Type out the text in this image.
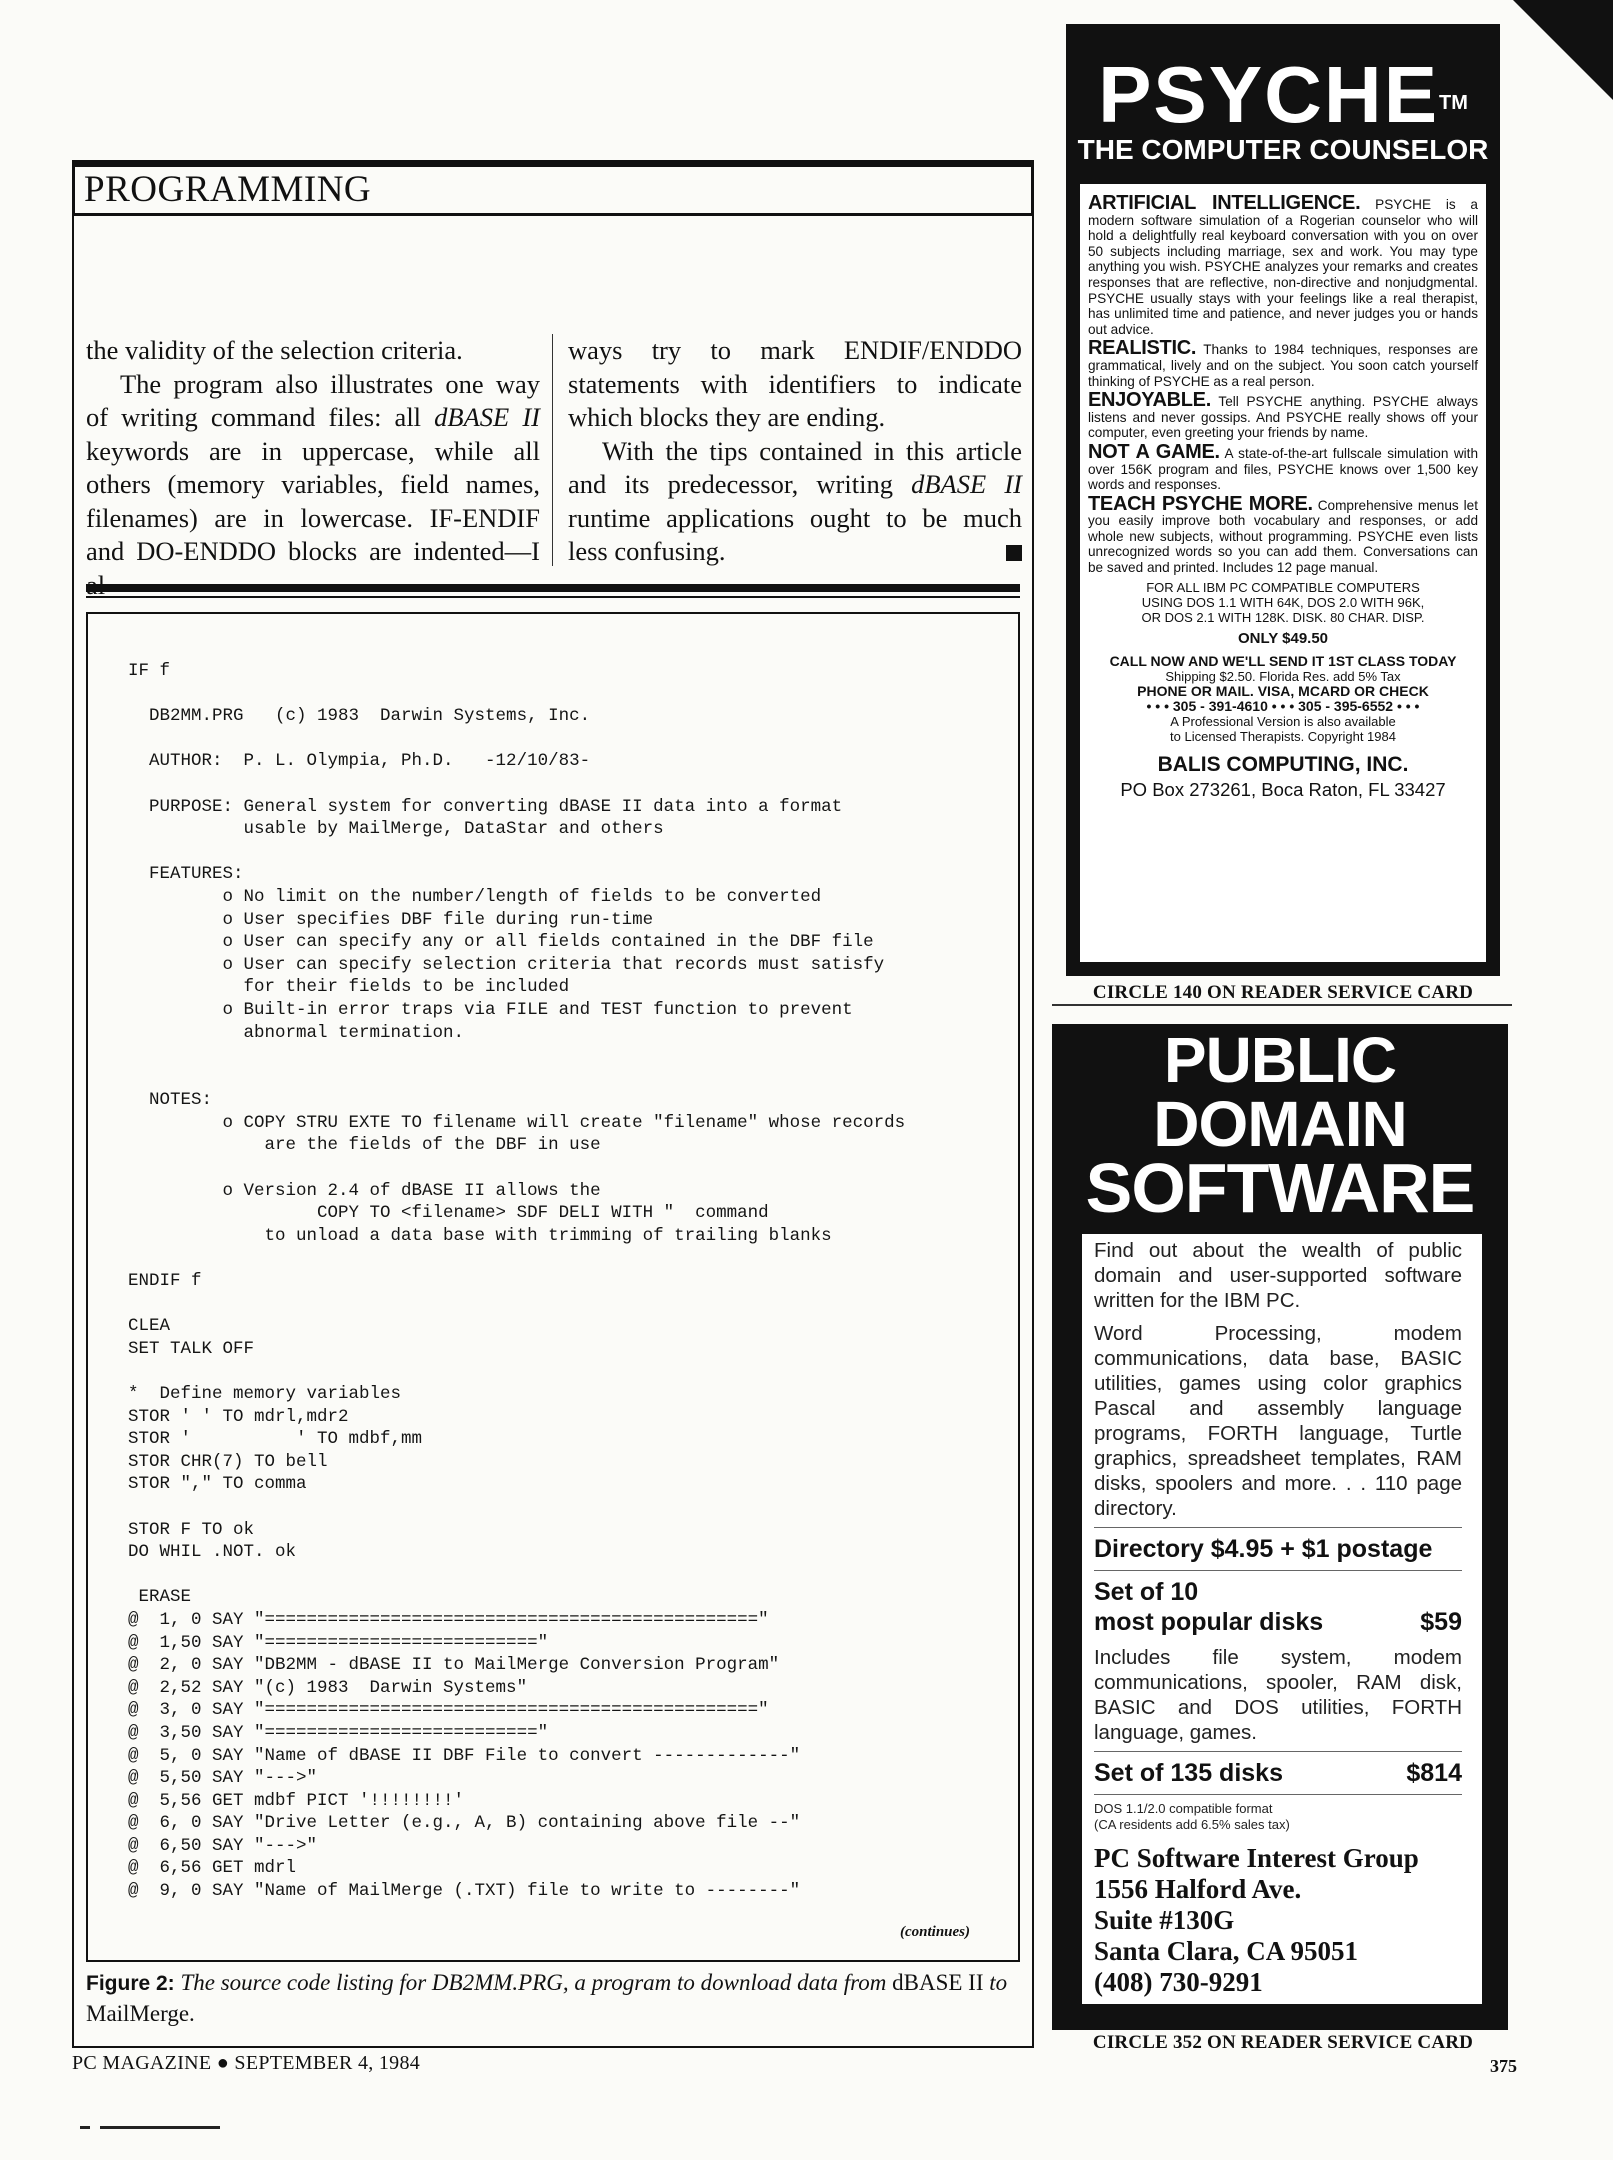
PROGRAMMING

the validity of the selection criteria.

The program also illustrates one way of writing command files: all dBASE II keywords are in uppercase, while all others (memory variables, field names, filenames) are in lowercase. IF-ENDIF and DO-ENDDO blocks are indented—I

ways try to mark ENDIF/ENDDO statements with identifiers to indicate which blocks they are ending.

With the tips contained in this article and its predecessor, writing dBASE II runtime applications ought to be much less confusing.

IF f

DB2MM.PRG   (c) 1983  Darwin Systems, Inc.

AUTHOR:  P. L. Olympia, Ph.D.   -12/10/83-

PURPOSE: General system for converting dBASE II data into a format
usable by MailMerge, DataStar and others

FEATURES:
o No limit on the number/length of fields to be converted
o User specifies DBF file during run-time
o User can specify any or all fields contained in the DBF file
o User can specify selection criteria that records must satisfy
for their fields to be included
o Built-in error traps via FILE and TEST function to prevent
abnormal termination.

NOTES:
o COPY STRU EXTE TO filename will create "filename" whose records
are the fields of the DBF in use

o Version 2.4 of dBASE II allows the
COPY TO <filename> SDF DELI WITH "  command
to unload a data base with trimming of trailing blanks

ENDIF f

CLEA
SET TALK OFF

*  Define memory variables
STOR ' ' TO mdrl,mdr2
STOR '          ' TO mdbf,mm
STOR CHR(7) TO bell
STOR "," TO comma

STOR F TO ok
DO WHIL .NOT. ok

ERASE
@  1, 0 SAY "==============================================="
@  1,50 SAY "=========================="
@  2, 0 SAY "DB2MM - dBASE II to MailMerge Conversion Program"
@  2,52 SAY "(c) 1983  Darwin Systems"
@  3, 0 SAY "==============================================="
@  3,50 SAY "=========================="
@  5, 0 SAY "Name of dBASE II DBF File to convert -------------"
@  5,50 SAY "--->"
@  5,56 GET mdbf PICT '!!!!!!!!'
@  6, 0 SAY "Drive Letter (e.g., A, B) containing above file --"
@  6,50 SAY "--->"
@  6,56 GET mdrl
@  9, 0 SAY "Name of MailMerge (.TXT) file to write to --------"
(continues)
Figure 2: The source code listing for DB2MM.PRG, a program to download data from dBASE II to MailMerge.
PC MAGAZINE ● SEPTEMBER 4, 1984	375
PSYCHE™
THE COMPUTER COUNSELOR

ARTIFICIAL INTELLIGENCE. PSYCHE is a modern software simulation of a Rogerian counselor who will hold a delightfully real keyboard conversation with you on over 50 subjects including marriage, sex and work. You may type anything you wish. PSYCHE analyzes your remarks and creates responses that are reflective, non-directive and nonjudgmental. PSYCHE usually stays with your feelings like a real therapist, has unlimited time and patience, and never judges you or hands out advice.

REALISTIC. Thanks to 1984 techniques, responses are grammatical, lively and on the subject. You soon catch yourself thinking of PSYCHE as a real person.

ENJOYABLE. Tell PSYCHE anything. PSYCHE always listens and never gossips. And PSYCHE really shows off your computer, even greeting your friends by name.

NOT A GAME. A state-of-the-art fullscale simulation with over 156K program and files, PSYCHE knows over 1,500 key words and responses.

TEACH PSYCHE MORE. Comprehensive menus let you easily improve both vocabulary and responses, or add whole new subjects, without programming. PSYCHE even lists unrecognized words so you can add them. Conversations can be saved and printed. Includes 12 page manual.

FOR ALL IBM PC COMPATIBLE COMPUTERS
USING DOS 1.1 WITH 64K, DOS 2.0 WITH 96K,
OR DOS 2.1 WITH 128K. DISK. 80 CHAR. DISP.
ONLY $49.50
CALL NOW AND WE'LL SEND IT 1ST CLASS TODAY
Shipping $2.50. Florida Res. add 5% Tax
PHONE OR MAIL. VISA, MCARD OR CHECK
• • • 305 - 391-4610 • • • 305 - 395-6552 • • •
A Professional Version is also available
to Licensed Therapists. Copyright 1984
BALIS COMPUTING, INC.
PO Box 273261, Boca Raton, FL 33427
CIRCLE 140 ON READER SERVICE CARD
PUBLIC
DOMAIN
SOFTWARE

Find out about the wealth of public domain and user-supported software written for the IBM PC.

Word Processing, modem communications, data base, BASIC utilities, games using color graphics Pascal and assembly language programs, FORTH language, Turtle graphics, spreadsheet templates, RAM disks, spoolers and more. . . 110 page directory.

Directory $4.95 + $1 postage
Set of 10
most popular disks	$59

Includes file system, modem communications, spooler, RAM disk, BASIC and DOS utilities, FORTH language, games.

Set of 135 disks	$814
DOS 1.1/2.0 compatible format
(CA residents add 6.5% sales tax)
PC Software Interest Group
1556 Halford Ave.
Suite #130G
Santa Clara, CA 95051
(408) 730-9291
CIRCLE 352 ON READER SERVICE CARD
